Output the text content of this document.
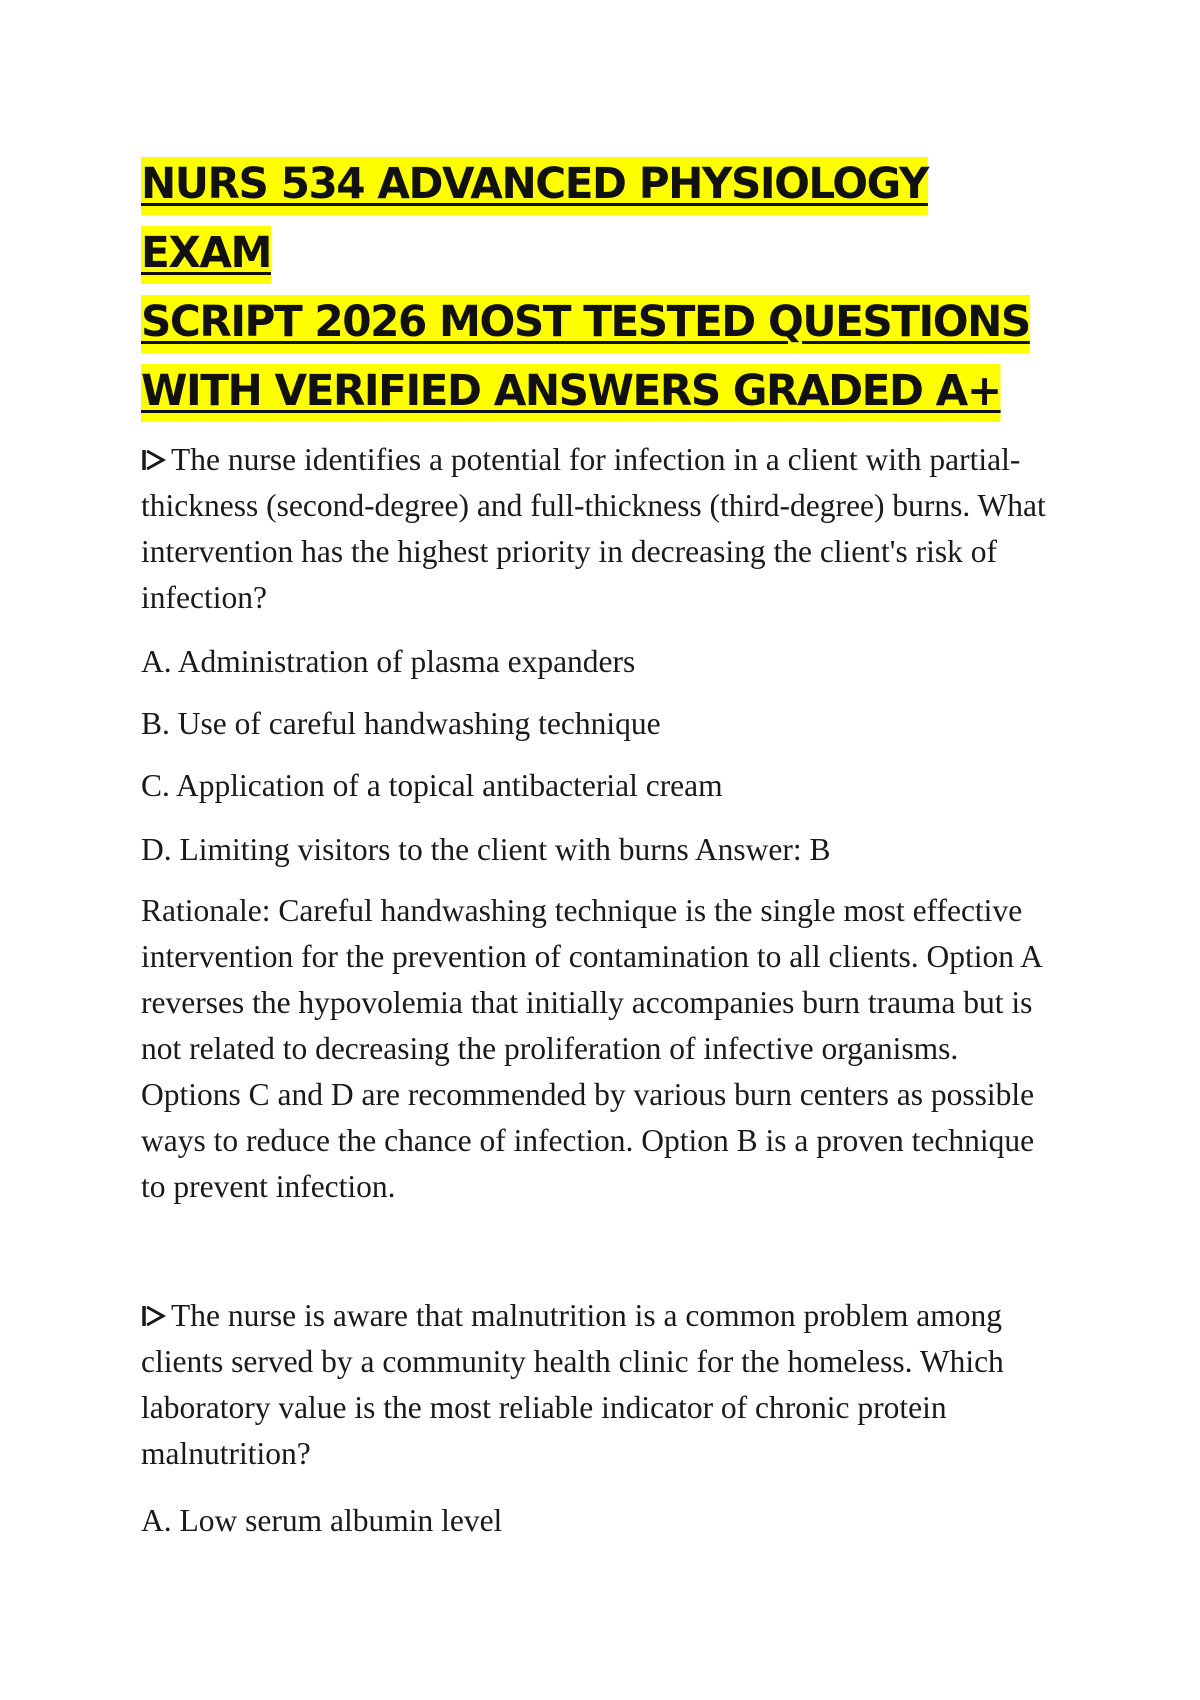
NURS 534 ADVANCED PHYSIOLOGY EXAM
SCRIPT 2026 MOST TESTED QUESTIONS
WITH VERIFIED ANSWERS GRADED A+
The nurse identifies a potential for infection in a client with partial-
thickness (second-degree) and full-thickness (third-degree) burns. What
intervention has the highest priority in decreasing the client's risk of
infection?
A. Administration of plasma expanders
B. Use of careful handwashing technique
C. Application of a topical antibacterial cream
D. Limiting visitors to the client with burns Answer: B
Rationale: Careful handwashing technique is the single most effective
intervention for the prevention of contamination to all clients. Option A
reverses the hypovolemia that initially accompanies burn trauma but is
not related to decreasing the proliferation of infective organisms.
Options C and D are recommended by various burn centers as possible
ways to reduce the chance of infection. Option B is a proven technique
to prevent infection.
The nurse is aware that malnutrition is a common problem among
clients served by a community health clinic for the homeless. Which
laboratory value is the most reliable indicator of chronic protein
malnutrition?
A. Low serum albumin level
